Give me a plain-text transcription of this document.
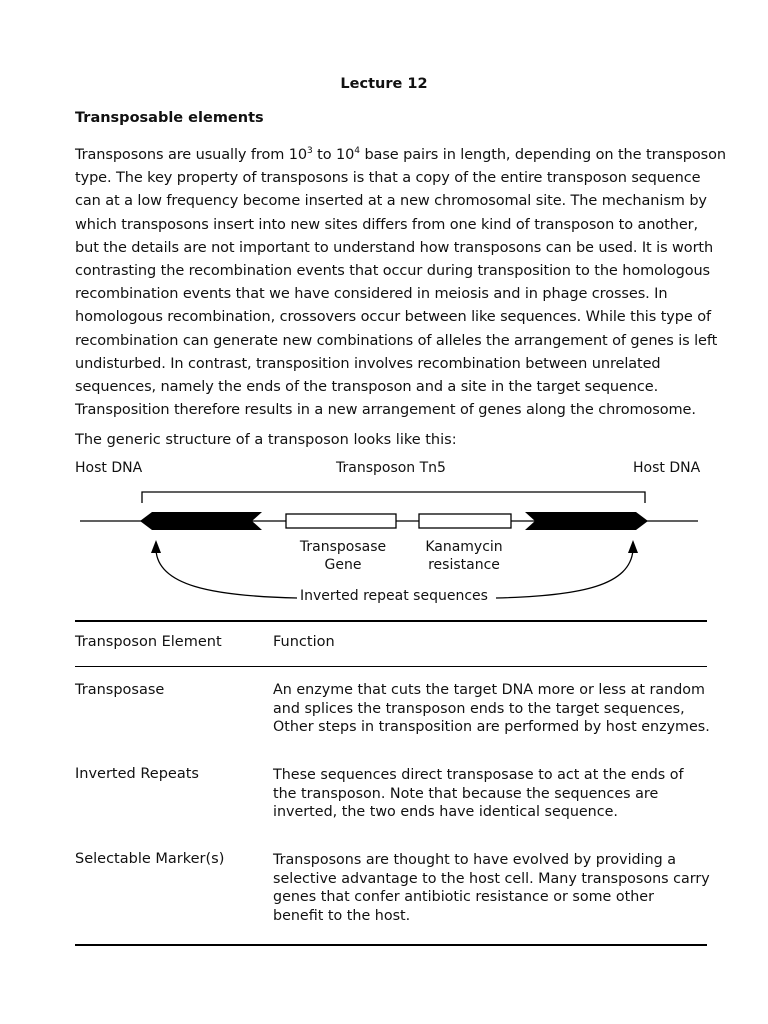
Lecture 12
Transposable elements
Transposons are usually from $10^3$ to $10^4$ base pairs in length, depending on the transposon
type. The key property of transposons is that a copy of the entire transposon sequence
can at a low frequency become inserted at a new chromosomal site. The mechanism by
which transposons insert into new sites differs from one kind of transposon to another,
but the details are not important to understand how transposons can be used. It is worth
contrasting the recombination events that occur during transposition to the homologous
recombination events that we have considered in meiosis and in phage crosses. In
homologous recombination, crossovers occur between like sequences. While this type of
recombination can generate new combinations of alleles the arrangement of genes is left
undisturbed. In contrast, transposition involves recombination between unrelated
sequences, namely the ends of the transposon and a site in the target sequence.
Transposition therefore results in a new arrangement of genes along the chromosome.
The generic structure of a transposon looks like this:
Host DNA	Transposon Tn5	Host DNA
Transposase
Gene
Kanamycin
resistance
Inverted repeat sequences
Transposon Element	Function
Transposase	An enzyme that cuts the target DNA more or less at random
and splices the transposon ends to the target sequences,
Other steps in transposition are performed by host enzymes.
Inverted Repeats	These sequences direct transposase to act at the ends of
the transposon. Note that because the sequences are
inverted, the two ends have identical sequence.
Selectable Marker(s)	Transposons are thought to have evolved by providing a
selective advantage to the host cell. Many transposons carry
genes that confer antibiotic resistance or some other
benefit to the host.
